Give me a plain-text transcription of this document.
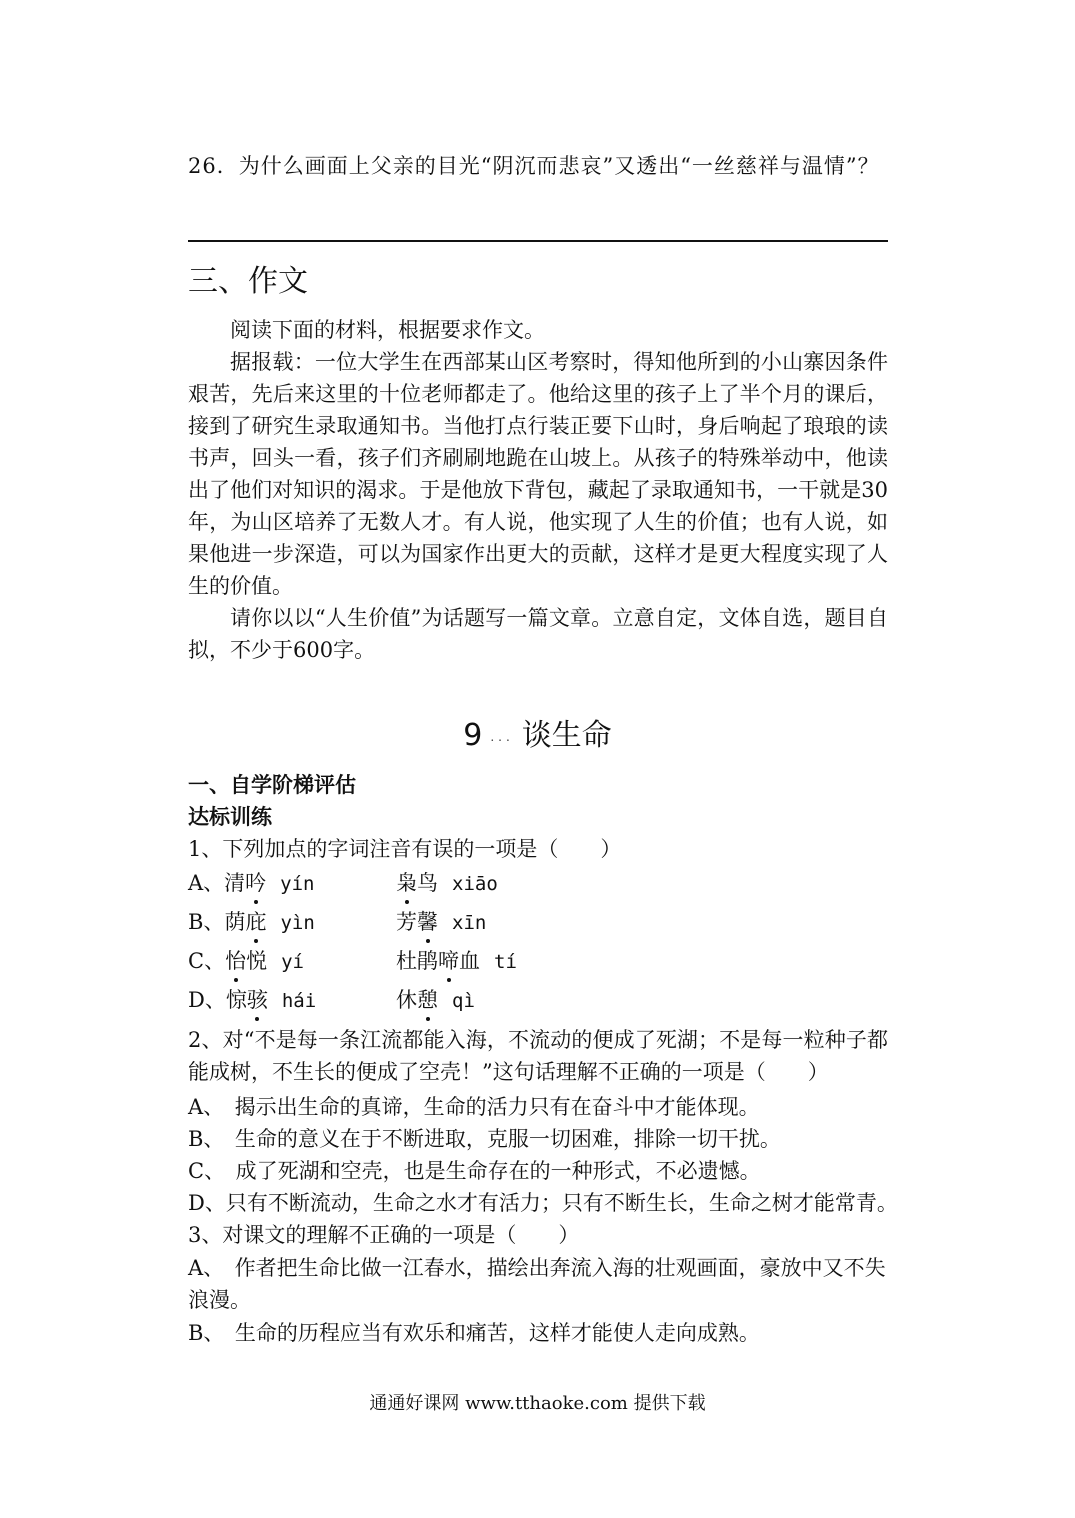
26．为什么画面上父亲的目光“阴沉而悲哀”又透出“一丝慈祥与温情”？

三、作文

阅读下面的材料，根据要求作文。

据报载：一位大学生在西部某山区考察时，得知他所到的小山寨因条件艰苦，先后来这里的十位老师都走了。他给这里的孩子上了半个月的课后，接到了研究生录取通知书。当他打点行装正要下山时，身后响起了琅琅的读书声，回头一看，孩子们齐刷刷地跪在山坡上。从孩子的特殊举动中，他读出了他们对知识的渴求。于是他放下背包，藏起了录取通知书，一干就是30年，为山区培养了无数人才。有人说，他实现了人生的价值；也有人说，如果他进一步深造，可以为国家作出更大的贡献，这样才是更大程度实现了人生的价值。

请你以以“人生价值”为话题写一篇文章。立意自定，文体自选，题目自拟，不少于600字。

9 ... 谈生命

一、自学阶梯评估

达标训练

1、下列加点的字词注音有误的一项是（　　）

A、清吟 yín	枭鸟 xiāo
B、荫庇 yìn	芳馨 xīn
C、怡悦 yí	杜鹃啼血 tí
D、惊骇 hái	休憩 qì

2、对“不是每一条江流都能入海，不流动的便成了死湖；不是每一粒种子都能成树，不生长的便成了空壳！”这句话理解不正确的一项是（　　）

A、　揭示出生命的真谛，生命的活力只有在奋斗中才能体现。

B、　生命的意义在于不断进取，克服一切困难，排除一切干扰。

C、　成了死湖和空壳，也是生命存在的一种形式，不必遗憾。

D、只有不断流动，生命之水才有活力；只有不断生长，生命之树才能常青。

3、对课文的理解不正确的一项是（　　）

A、　作者把生命比做一江春水，描绘出奔流入海的壮观画面，豪放中又不失浪漫。

B、　生命的历程应当有欢乐和痛苦，这样才能使人走向成熟。

通通好课网 www.tthaoke.com 提供下载
